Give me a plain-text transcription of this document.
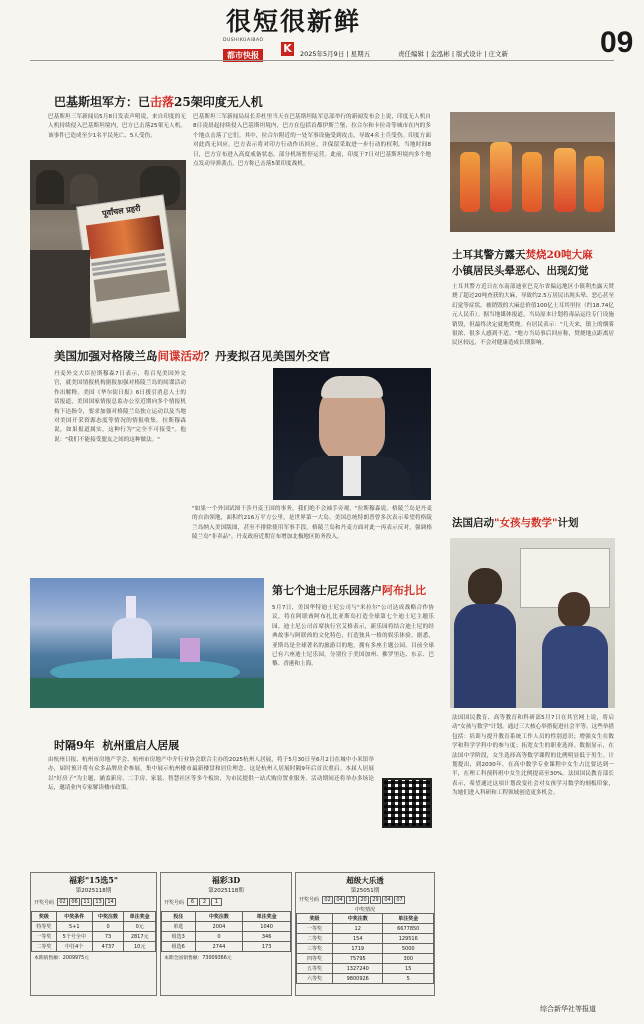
很短很新鲜
DUSHIKUAIBAO
都市快报
K	2025年5月9日 | 星期五	责任编辑 | 金泓彬 | 版式设计 | 庄文新	09
巴基斯坦军方：已击落25架印度无人机
巴基斯坦三军新闻局5月8日发表声明说，来自印度的无人机持续侵入巴基斯坦境内，巴方已击落25架无人机。该事件已造成至少1名平民死亡、5人受伤。
巴基斯坦三军新闻局局长乔杜里当天在巴基斯坦陆军总部举行的新闻发布会上说，印度无人机自8日凌晨起持续侵入巴基斯坦境内，巴方在包括首都伊斯兰堡、拉合尔和卡拉奇等城市在内的多个地点击落了它们。其中，拉合尔附近的一处军事设施受到攻击，导致4名士兵受伤。印度方面对此尚无回应。巴方表示将对印方行动作出回应，并保留采取进一步行动的权利。当地时间8日，巴方宣布进入高度戒备状态，部分机场暂停运营。此前，印度于7日对巴基斯坦境内多个地点发动导弹袭击，巴方称已击落5架印度战机。
पूर्वांचल प्रहरी
土耳其警方露天焚烧20吨大麻
小镇居民头晕恶心、出现幻觉
土耳其警方近日在东南部迪亚巴克尔省偏远地区小镇利杰露天焚烧了超过20吨查获的大麻，导致约2.5万居民出现头晕、恶心甚至幻觉等症状。被销毁的大麻总价值100亿土耳其里拉（约18.74亿元人民币）。据当地媒体报道，当局原本计划将毒品运往专门设施销毁，但最终决定就地焚烧。有居民表示："几天来，镇上的烟雾很浓，很多人感到不适。"地方当局事后回应称，焚烧地点距离居民区较远，不会对健康造成长期影响。
美国加强对格陵兰岛间谍活动？丹麦拟召见美国外交官
丹麦外交大臣拉斯穆森7日表示，将召见美国外交官，就美国情报机构据报加强对格陵兰岛的间谍活动作出解释。美国《华尔街日报》6日援引消息人士的话报道，美国国家情报总监办公室近期向多个情报机构下达指令，要求加强对格陵兰岛独立运动以及当地对美国开采资源态度等情况的情报收集。拉斯穆森说，如果报道属实，这种行为"完全不可接受"。他说："我们不能接受盟友之间的这种做法。"
"如果一个外国试图干涉丹麦王国的事务，我们绝不会袖手旁观。"拉斯穆森说。格陵兰岛是丹麦的自治领地，面积约216万平方公里，是世界第一大岛。美国总统特朗普曾多次表示希望将格陵兰岛纳入美国版图，甚至不排除使用军事手段。格陵兰岛和丹麦方面对此一再表示反对，强调格陵兰岛"非卖品"。丹麦政府近期宣布增加北极地区防务投入。
法国启动"女孩与数学"计划
法国国民教育、高等教育和科研部5月7日在其官网上说，将启动"女孩与数学"计划，通过三大核心举措促进社会平等。这些举措包括：培训与提升教育系统工作人员的性别意识；增强女生在数学和科学学科中的参与度；拓宽女生的职业选择。数据显示，在法国中学阶段，女生选择高等数学课程的比例明显低于男生。计划提出，到2030年，在高中数学专业课程中女生占比要达到一半，在理工科预科班中女生比例提高至30%。法国国民教育部长表示，希望通过这项计划改变社会对女孩学习数学的刻板印象，为她们进入科研和工程领域创造更多机会。
第七个迪士尼乐园落户阿布扎比
5月7日，美国华特迪士尼公司与"米拉尔"公司达成战略合作协议，将在阿联酋阿布扎比亚斯岛打造全球第七个迪士尼主题乐园。迪士尼公司首席执行官艾格表示，新乐园将结合迪士尼的经典故事与阿联酋的文化特色，打造独具一格的娱乐体验。据悉，亚斯岛是全球著名的旅游目的地，拥有多座主题公园。目前全球已有六座迪士尼乐园，分别位于美国加州、佛罗里达、东京、巴黎、香港和上海。
时隔9年  杭州重启人居展
由杭州日报、杭州市房地产学会、杭州市房地产中介行业协会联合主办的2025杭州人居展，将于5月30日至6月2日在城中小米馆举办，届时预计将有众多品牌房企参展，集中展示杭州楼市最新楼盘和居住理念。这是杭州人居展时隔9年后首次重启。本届人居展以"好房子"为主题，涵盖新房、二手房、家装、智慧社区等多个板块，为市民提供一站式购房置业服务。活动期间还将举办多场论坛，邀请业内专家解读楼市政策。
福彩"15选5"
第2025118期
开奖号码	02	06	11	13	14
奖级	中奖条件	中奖注数	单注奖金
特等奖	5+1	0	0元
一等奖	5个号全中	73	2817元
二等奖	中任4个	4737	10元
本期销售额：2009975元
福彩3D
第2025118期
开奖号码	6	2	1
投注	中奖注数	单注奖金
单选	2004	1040
组选3	0	346
组选6	2744	173
本期全国销售额：73009366元
超级大乐透
第25051期
开奖号码	02	04	13	20	29	04	07
中奖情况
奖级	中奖注数	单注奖金
一等奖	12	6677850
二等奖	154	129516
三等奖	1719	5000
四等奖	75795	300
五等奖	1327240	15
六等奖	9800926	5
综合新华社等报道
